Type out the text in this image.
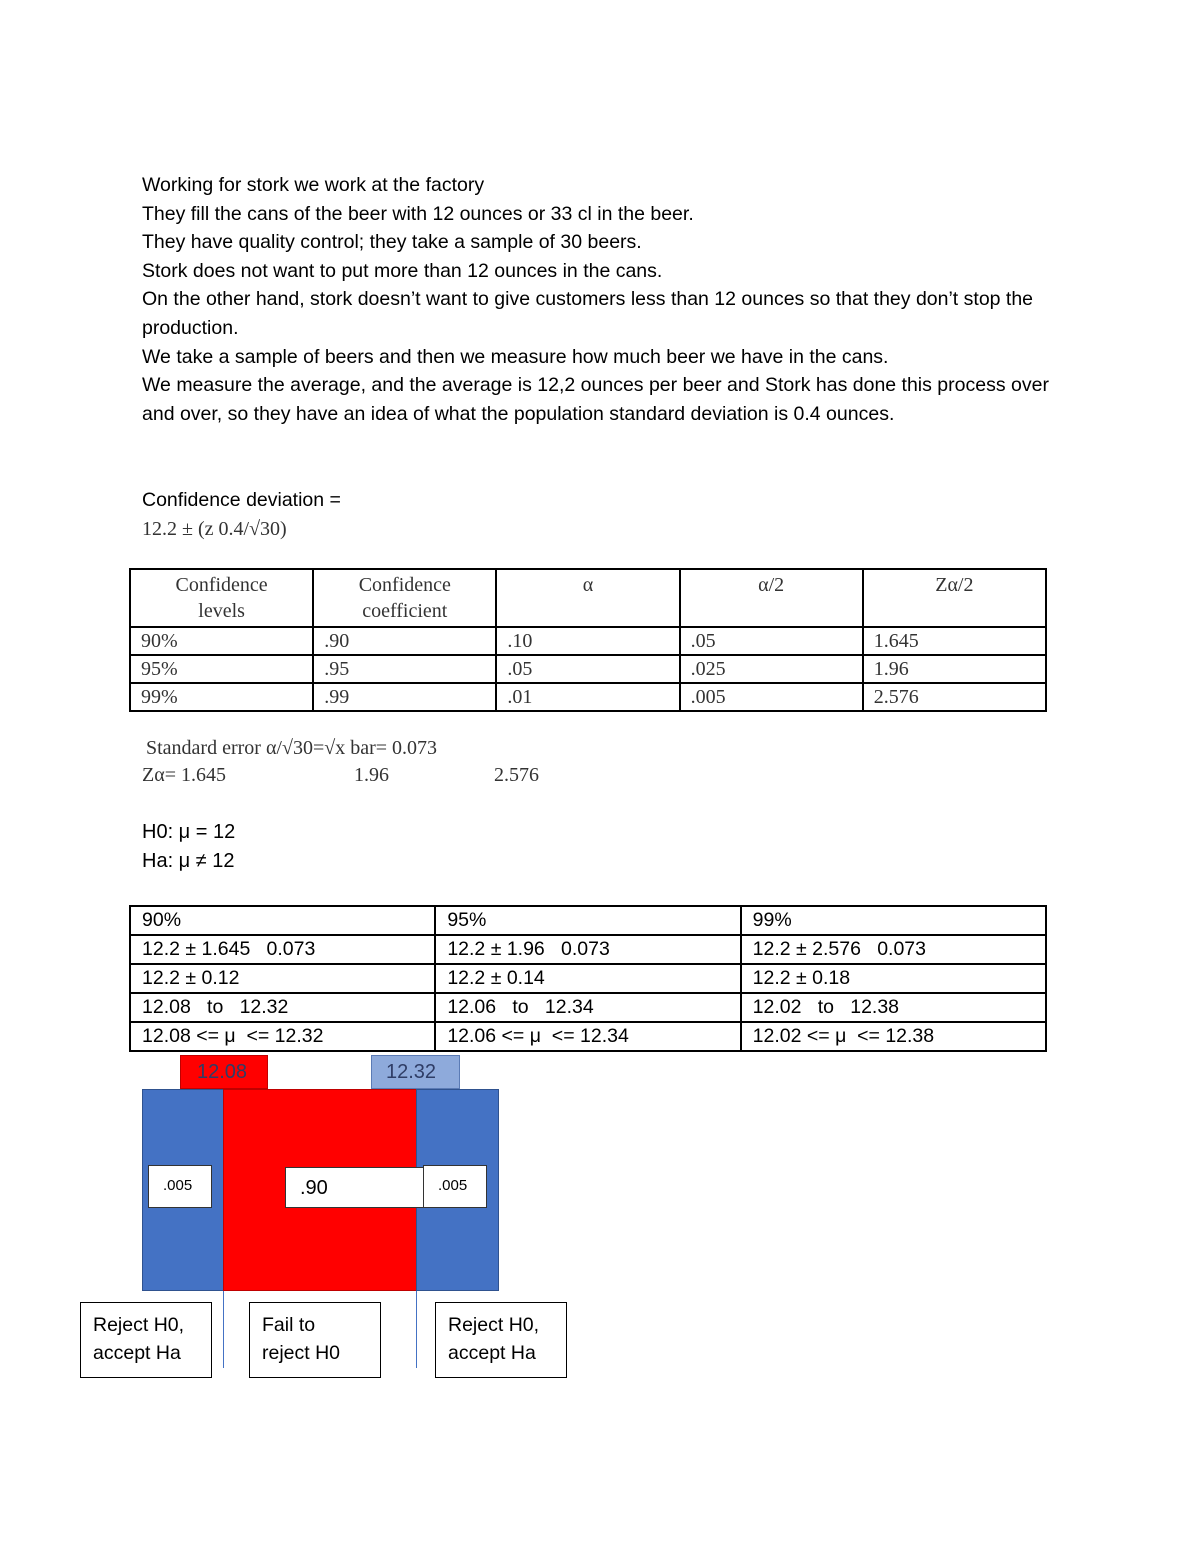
Working for stork we work at the factory

They fill the cans of the beer with 12 ounces or 33 cl in the beer.

They have quality control; they take a sample of 30 beers.

Stork does not want to put more than 12 ounces in the cans.

On the other hand, stork doesn’t want to give customers less than 12 ounces so that they don’t stop the production.

We take a sample of beers and then we measure how much beer we have in the cans.

We measure the average, and the average is 12,2 ounces per beer and Stork has done this process over and over, so they have an idea of what the population standard deviation is 0.4 ounces.

Confidence deviation =
12.2 ± (z 0.4/√30)
Confidence levels	Confidence coefficient	α	α/2	Zα/2
90%	.90	.10	.05	1.645
95%	.95	.05	.025	1.96
99%	.99	.01	.005	2.576
Standard error α/√30=√x bar= 0.073
Zα= 1.645	1.96	2.576
H0: μ = 12
Ha: μ ≠ 12
90%	95%	99%
12.2 ± 1.645   0.073	12.2 ± 1.96   0.073	12.2 ± 2.576   0.073
12.2 ± 0.12	12.2 ± 0.14	12.2 ± 0.18
12.08   to   12.32	12.06   to   12.34	12.02   to   12.38
12.08 <= μ  <= 12.32	12.06 <= μ  <= 12.34	12.02 <= μ  <= 12.38
12.08	12.32
.005	.90	.005
Reject H0,
accept Ha
Fail to
reject H0
Reject H0,
accept Ha
